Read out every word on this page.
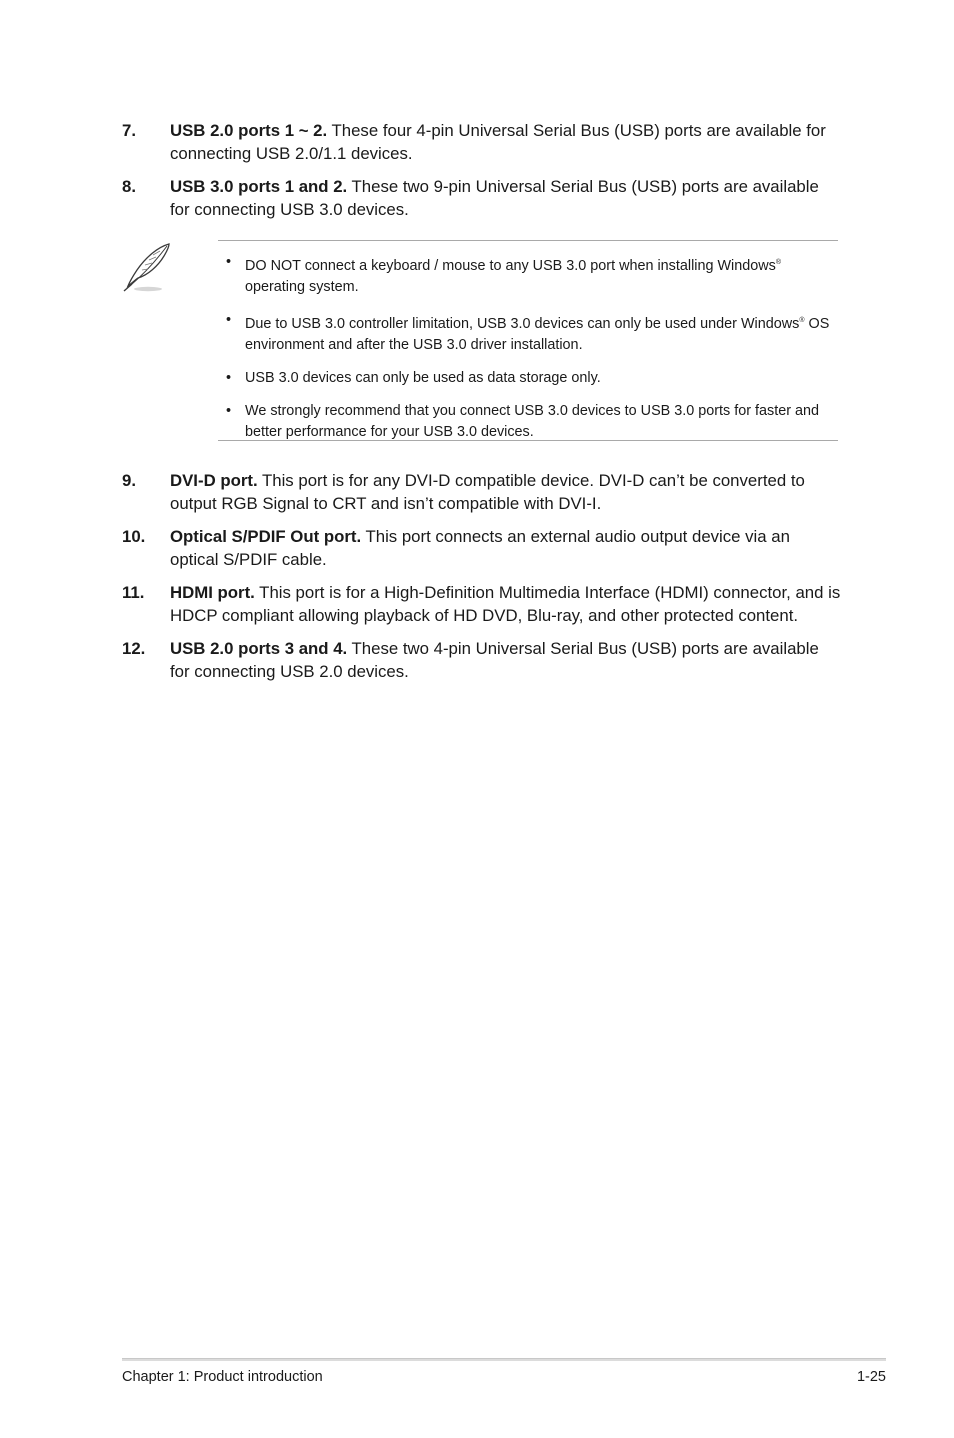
7. USB 2.0 ports 1 ~ 2. These four 4-pin Universal Serial Bus (USB) ports are available for connecting USB 2.0/1.1 devices.
8. USB 3.0 ports 1 and 2. These two 9-pin Universal Serial Bus (USB) ports are available for connecting USB 3.0 devices.
• DO NOT connect a keyboard / mouse to any USB 3.0 port when installing Windows® operating system.
• Due to USB 3.0 controller limitation, USB 3.0 devices can only be used under Windows® OS environment and after the USB 3.0 driver installation.
• USB 3.0 devices can only be used as data storage only.
• We strongly recommend that you connect USB 3.0 devices to USB 3.0 ports for faster and better performance for your USB 3.0 devices.
9. DVI-D port. This port is for any DVI-D compatible device. DVI-D can’t be converted to output RGB Signal to CRT and isn’t compatible with DVI-I.
10. Optical S/PDIF Out port. This port connects an external audio output device via an optical S/PDIF cable.
11. HDMI port. This port is for a High-Definition Multimedia Interface (HDMI) connector, and is HDCP compliant allowing playback of HD DVD, Blu-ray, and other protected content.
12. USB 2.0 ports 3 and 4. These two 4-pin Universal Serial Bus (USB) ports are available for connecting USB 2.0 devices.
Chapter 1: Product introduction	1-25
